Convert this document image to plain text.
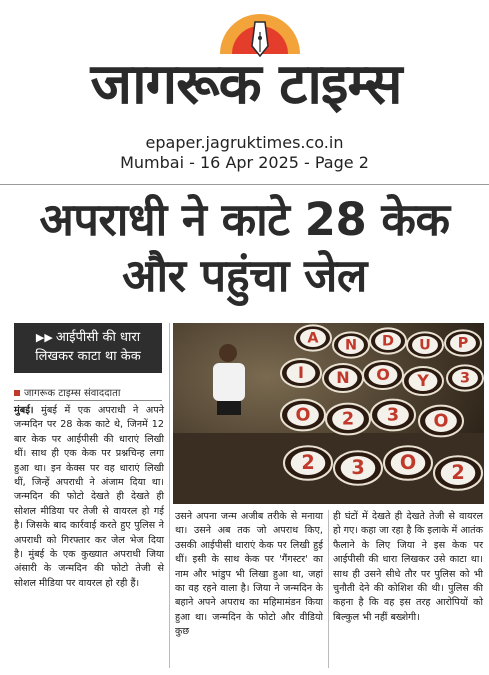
जागरूक टाइम्स
epaper.jagruktimes.co.in
Mumbai - 16 Apr 2025 - Page 2
अपराधी ने काटे 28 केक
और पहुंचा जेल
▶▶ आईपीसी की धारा
लिखकर काटा था केक
जागरूक टाइम्स संवाददाता
मुंबई। मुंबई में एक अपराधी ने अपने जन्मदिन पर 28 केक काटे थे, जिनमें 12 बार केक पर आईपीसी की धाराएं लिखी थीं। साथ ही एक केक पर प्रश्नचिन्ह लगा हुआ था। इन केक्स पर वह धाराएं लिखी थीं, जिन्हें अपराधी ने अंजाम दिया था। जन्मदिन की फोटो देखते ही देखते ही सोशल मीडिया पर तेजी से वायरल हो गई है। जिसके बाद कार्रवाई करते हुए पुलिस ने अपराधी को गिरफ्तार कर जेल भेज दिया है। मुंबई के एक कुख्यात अपराधी जिया अंसारी के जन्मदिन की फोटो तेजी से सोशल मीडिया पर वायरल हो रही हैं।
A N D U P
I N O Y 3
O 2 3 O
2 3 O 2
उसने अपना जन्म अजीब तरीके से मनाया था। उसने अब तक जो अपराध किए, उसकी आईपीसी धाराएं केक पर लिखी हुई थीं। इसी के साथ केक पर 'गैंगस्टर' का नाम और भांडुप भी लिखा हुआ था, जहां का वह रहने वाला है। जिया ने जन्मदिन के बहाने अपने अपराध का महिमामंडन किया हुआ था। जन्मदिन के फोटो और वीडियो कुछ
ही घंटों में देखते ही देखते तेजी से वायरल हो गए। कहा जा रहा है कि इलाके में आतंक फैलाने के लिए जिया ने इस केक पर आईपीसी की धारा लिखकर उसे काटा था। साथ ही उसने सीधे तौर पर पुलिस को भी चुनौती देने की कोशिश की थी। पुलिस की कहना है कि वह इस तरह आरोपियों को बिल्कुल भी नहीं बख्शेगी।
